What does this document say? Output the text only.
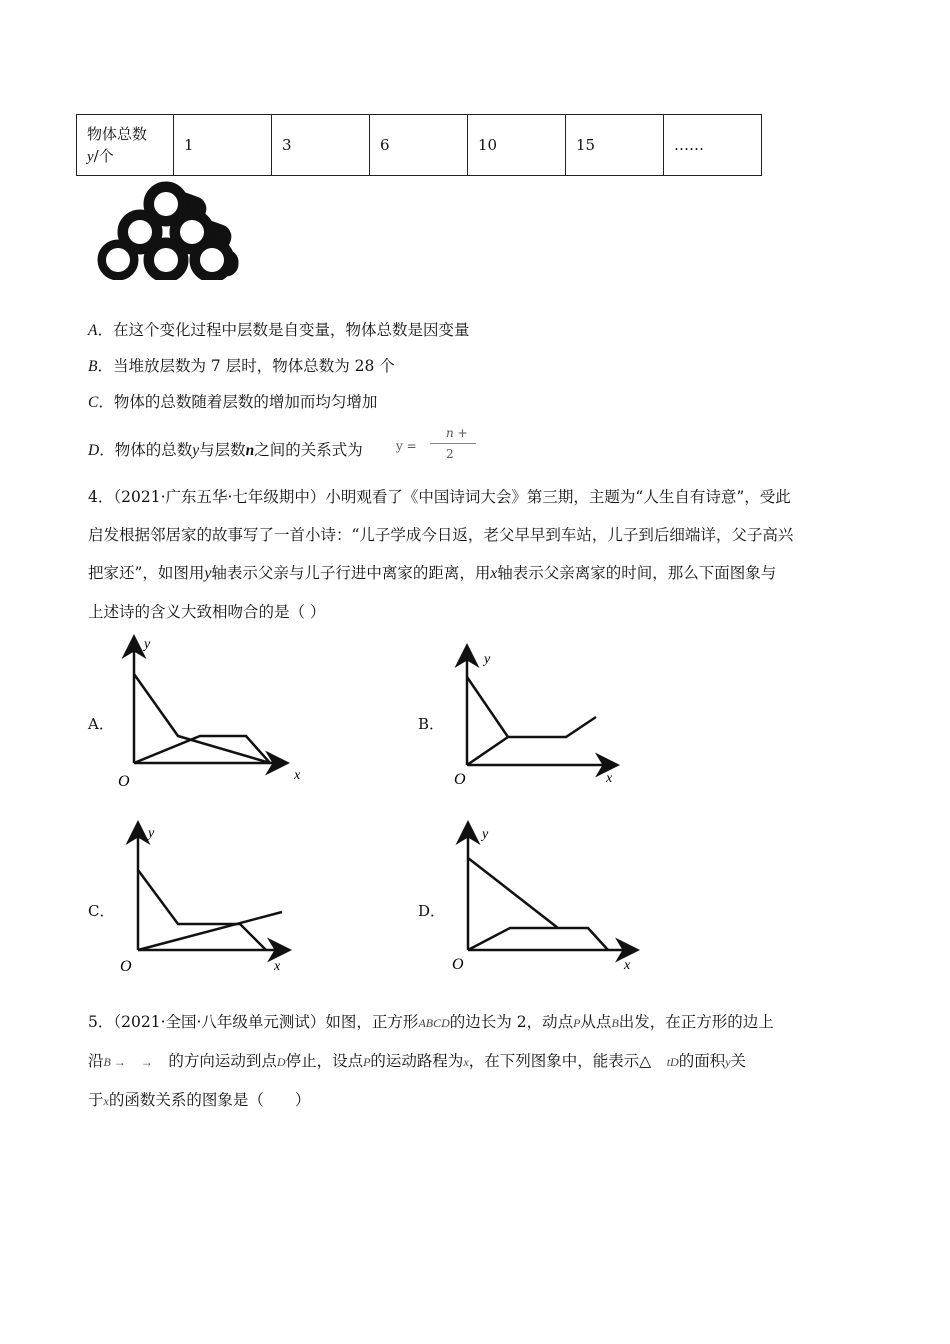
物体总数
y/个	1	3	6	10	15	……
A．在这个变化过程中层数是自变量，物体总数是因变量
B．当堆放层数为 7 层时，物体总数为 28 个
C．物体的总数随着层数的增加而均匀增加
D．物体的总数y与层数n之间的关系式为	y =
n +
2
4．（2021·广东五华·七年级期中）小明观看了《中国诗词大会》第三期，主题为“人生自有诗意”，受此
启发根据邻居家的故事写了一首小诗：“儿子学成今日返，老父早早到车站，儿子到后细端详，父子高兴
把家还”，如图用y轴表示父亲与儿子行进中离家的距离，用x轴表示父亲离家的时间，那么下面图象与
上述诗的含义大致相吻合的是（ ）
A．	B．
C．	D．
y
x
O
y
x
O
y
x
O
y
x
O
5．（2021·全国·八年级单元测试）如图，正方形ABCD的边长为 2，动点P从点B出发，在正方形的边上
沿B →　 →　 的方向运动到点D停止，设点P的运动路程为x，在下列图象中，能表示△　 tD的面积y关
于x的函数关系的图象是（　　）
